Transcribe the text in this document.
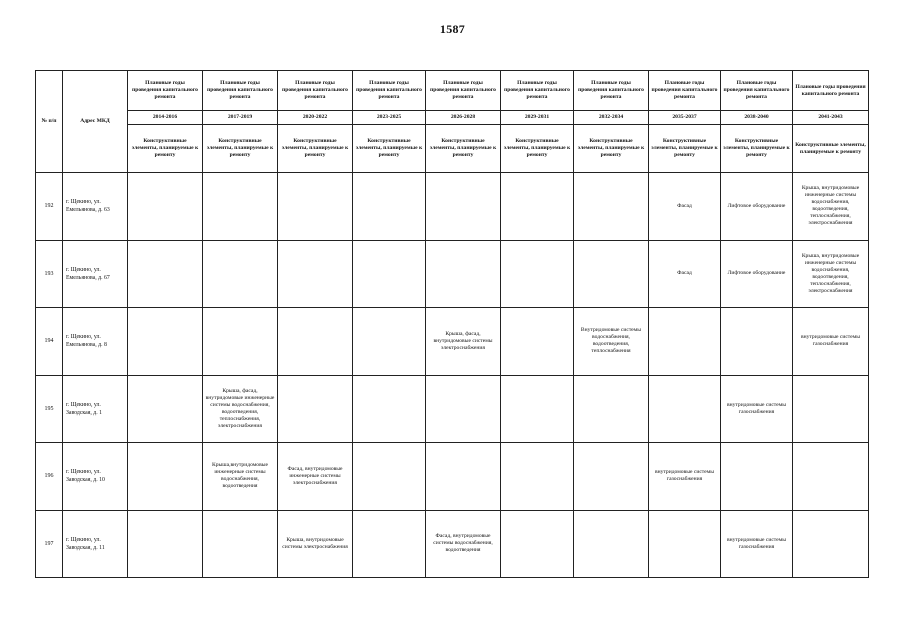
1587
№ п/п	Адрес МКД	Плановые годы проведения капитального ремонта	Плановые годы проведения капитального ремонта	Плановые годы проведения капитального ремонта	Плановые годы проведения капитального ремонта	Плановые годы проведения капитального ремонта	Плановые годы проведения капитального ремонта	Плановые годы проведения капитального ремонта	Плановые годы проведения капитального ремонта	Плановые годы проведения капитального ремонта	Плановые годы проведения капитального ремонта
		2014-2016	2017-2019	2020-2022	2023-2025	2026-2028	2029-2031	2032-2034	2035-2037	2038-2040	2041-2043
		Конструктивные элементы, планируемые к ремонту	Конструктивные элементы, планируемые к ремонту	Конструктивные элементы, планируемые к ремонту	Конструктивные элементы, планируемые к ремонту	Конструктивные элементы, планируемые к ремонту	Конструктивные элементы, планируемые к ремонту	Конструктивные элементы, планируемые к ремонту	Конструктивные элементы, планируемые к ремонту	Конструктивные элементы, планируемые к ремонту	Конструктивные элементы, планируемые к ремонту
192	г. Щекино, ул. Емельянова, д. 63								Фасад	Лифтовое оборудование	Крыша, внутридомовые инженерные системы водоснабжения, водоотведения, теплоснабжения, электроснабжения
193	г. Щекино, ул. Емельянова, д. 67								Фасад	Лифтовое оборудование	Крыша, внутридомовые инженерные системы водоснабжения, водоотведения, теплоснабжения, электроснабжения
194	г. Щекино, ул. Емельянова, д. 8					Крыша, фасад, внутридомовые системы электроснабжения		Внутридомовые системы водоснабжения, водоотведения, теплоснабжения			внутридомовые системы газоснабжения
195	г. Щекино, ул. Заводская, д. 1		Крыша, фасад, внутридомовые инженерные системы водоснабжения, водоотведения, теплоснабжения, электроснабжения							внутридомовые системы газоснабжения	
196	г. Щекино, ул. Заводская, д. 10		Крыша,внутридомовые инженерные системы водоснабжения, водоотведения	Фасад, внутридомовые инженерные системы электроснабжения					внутридомовые системы газоснабжения		
197	г. Щекино, ул. Заводская, д. 11			Крыша, внутридомовые системы электроснабжения		Фасад, внутридомовые системы водоснабжения, водоотведения				внутридомовые системы газоснабжения	
